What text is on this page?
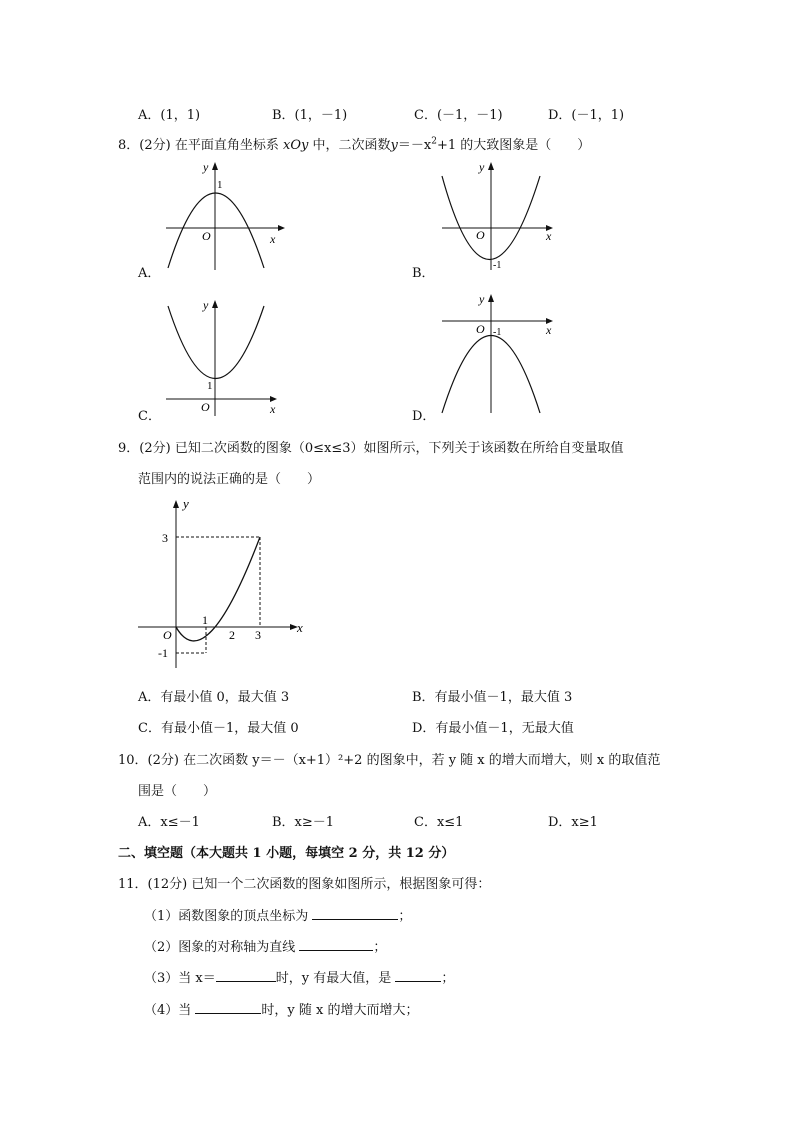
A．(1，1)	B．(1，－1)	C．(－1，－1)	D．(－1，1)
8．(2分) 在平面直角坐标系 xOy 中，二次函数$y=-x^2+1$ 的大致图象是（　　）
y
x
O
1
A．
y
x
O
-1
B．
y
x
O
1
C．
y
x
O -1
D．
9．(2分) 已知二次函数的图象（0≤x≤3）如图所示，下列关于该函数在所给自变量取值
范围内的说法正确的是（　　）
y
x
O
3
-1
1
2 3
A．有最小值 0，最大值 3	B．有最小值－1，最大值 3
C．有最小值－1，最大值 0	D．有最小值－1，无最大值
10．(2分) 在二次函数 y＝－（x+1）²+2 的图象中，若 y 随 x 的增大而增大，则 x 的取值范
围是（　　）
A．x≤－1	B．x≥－1	C．x≤1	D．x≥1
二、填空题（本大题共 1 小题，每填空 2 分，共 12 分）
11．(12分) 已知一个二次函数的图象如图所示，根据图象可得：
（1）函数图象的顶点坐标为	；
（2）图象的对称轴为直线	；
（3）当 x＝	时，y 有最大值，是	；
（4）当	时，y 随 x 的增大而增大；
